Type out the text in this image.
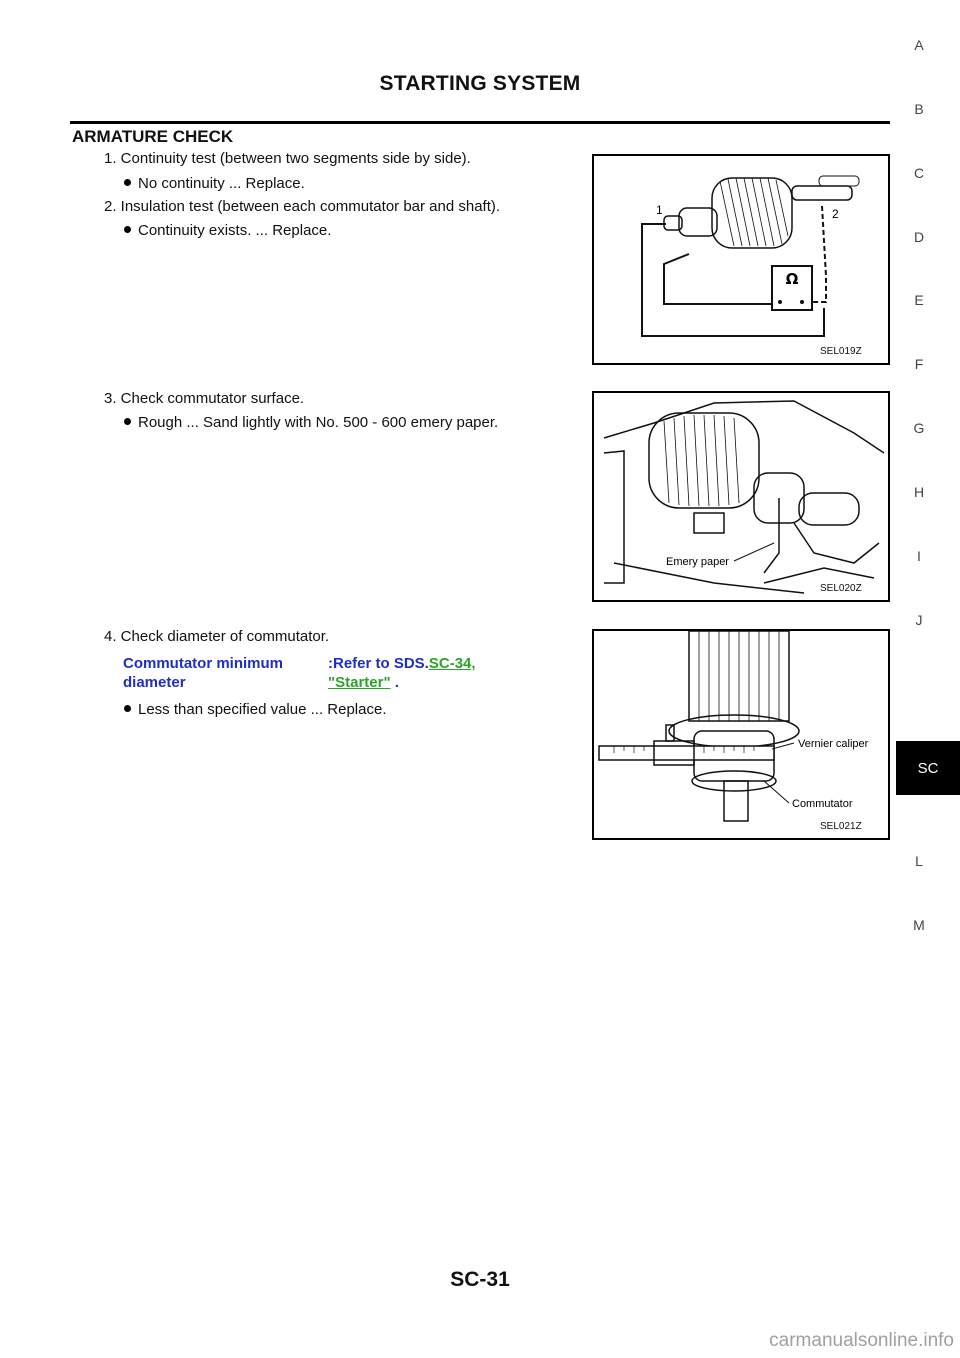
STARTING SYSTEM
ARMATURE CHECK
1. Continuity test (between two segments side by side).
No continuity ... Replace.
2. Insulation test (between each commutator bar and shaft).
Continuity exists. ... Replace.
Ω
1	2
SEL019Z
3. Check commutator surface.
Rough ... Sand lightly with No. 500 - 600 emery paper.
Emery paper
SEL020Z
4. Check diameter of commutator.
Commutator minimum
diameter
:Refer to SDS.SC-34,
"Starter" .
Less than specified value ... Replace.
Vernier caliper
Commutator
SEL021Z
A
B
C
D
E
F
G
H
I
J
SC
L
M
SC-31
carmanualsonline.info
